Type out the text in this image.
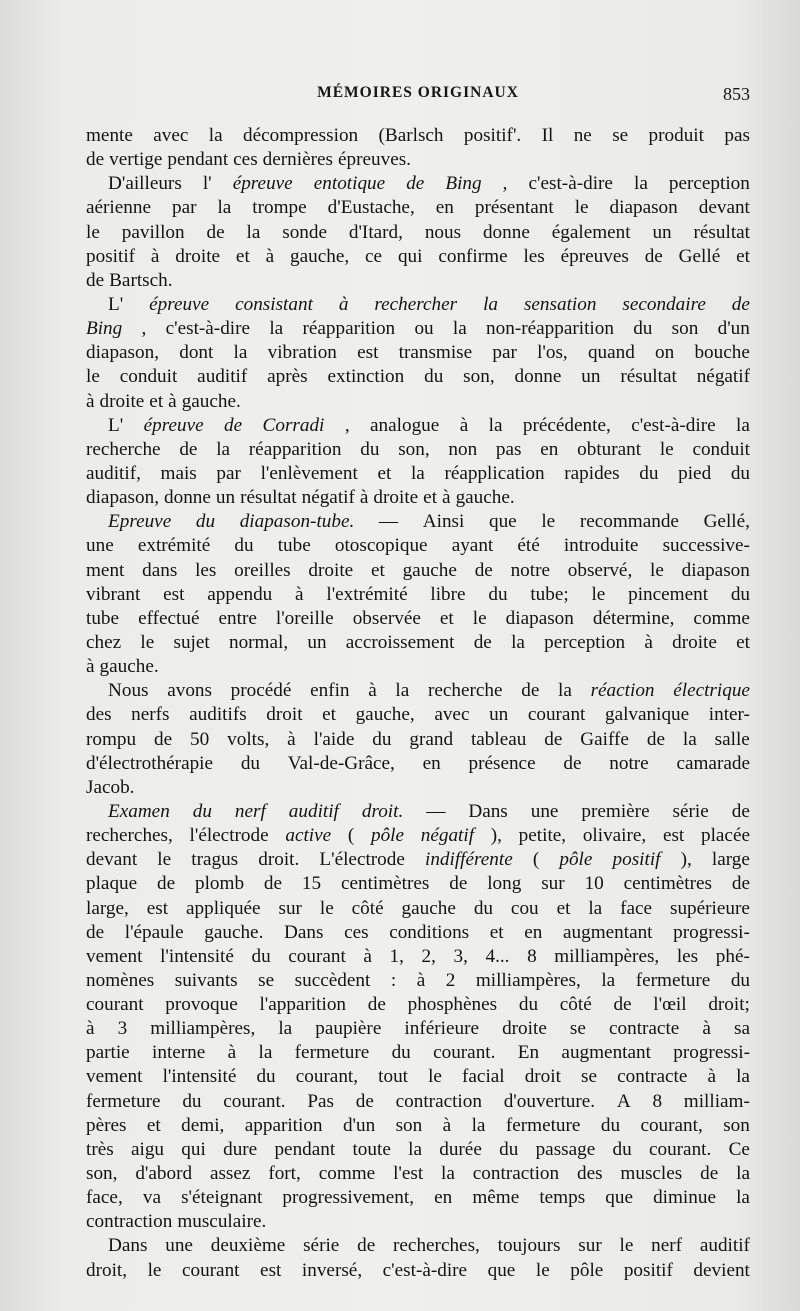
MÉMOIRES ORIGINAUX	853
mente avec la décompression (Barlsch positif'. Il ne se produit pas
de vertige pendant ces dernières épreuves.
D'ailleurs l' épreuve entotique de Bing , c'est-à-dire la perception
aérienne par la trompe d'Eustache, en présentant le diapason devant
le pavillon de la sonde d'Itard, nous donne également un résultat
positif à droite et à gauche, ce qui confirme les épreuves de Gellé et
de Bartsch.
L' épreuve consistant à rechercher la sensation secondaire de
Bing , c'est-à-dire la réapparition ou la non-réapparition du son d'un
diapason, dont la vibration est transmise par l'os, quand on bouche
le conduit auditif après extinction du son, donne un résultat négatif
à droite et à gauche.
L' épreuve de Corradi , analogue à la précédente, c'est-à-dire la
recherche de la réapparition du son, non pas en obturant le conduit
auditif, mais par l'enlèvement et la réapplication rapides du pied du
diapason, donne un résultat négatif à droite et à gauche.
Epreuve du diapason-tube. — Ainsi que le recommande Gellé,
une extrémité du tube otoscopique ayant été introduite successive-
ment dans les oreilles droite et gauche de notre observé, le diapason
vibrant est appendu à l'extrémité libre du tube; le pincement du
tube effectué entre l'oreille observée et le diapason détermine, comme
chez le sujet normal, un accroissement de la perception à droite et
à gauche.
Nous avons procédé enfin à la recherche de la réaction électrique
des nerfs auditifs droit et gauche, avec un courant galvanique inter-
rompu de 50 volts, à l'aide du grand tableau de Gaiffe de la salle
d'électrothérapie du Val-de-Grâce, en présence de notre camarade
Jacob.
Examen du nerf auditif droit. — Dans une première série de
recherches, l'électrode active ( pôle négatif ), petite, olivaire, est placée
devant le tragus droit. L'électrode indifférente ( pôle positif ), large
plaque de plomb de 15 centimètres de long sur 10 centimètres de
large, est appliquée sur le côté gauche du cou et la face supérieure
de l'épaule gauche. Dans ces conditions et en augmentant progressi-
vement l'intensité du courant à 1, 2, 3, 4... 8 milliampères, les phé-
nomènes suivants se succèdent : à 2 milliampères, la fermeture du
courant provoque l'apparition de phosphènes du côté de l'œil droit;
à 3 milliampères, la paupière inférieure droite se contracte à sa
partie interne à la fermeture du courant. En augmentant progressi-
vement l'intensité du courant, tout le facial droit se contracte à la
fermeture du courant. Pas de contraction d'ouverture. A 8 milliam-
pères et demi, apparition d'un son à la fermeture du courant, son
très aigu qui dure pendant toute la durée du passage du courant. Ce
son, d'abord assez fort, comme l'est la contraction des muscles de la
face, va s'éteignant progressivement, en même temps que diminue la
contraction musculaire.
Dans une deuxième série de recherches, toujours sur le nerf auditif
droit, le courant est inversé, c'est-à-dire que le pôle positif devient
